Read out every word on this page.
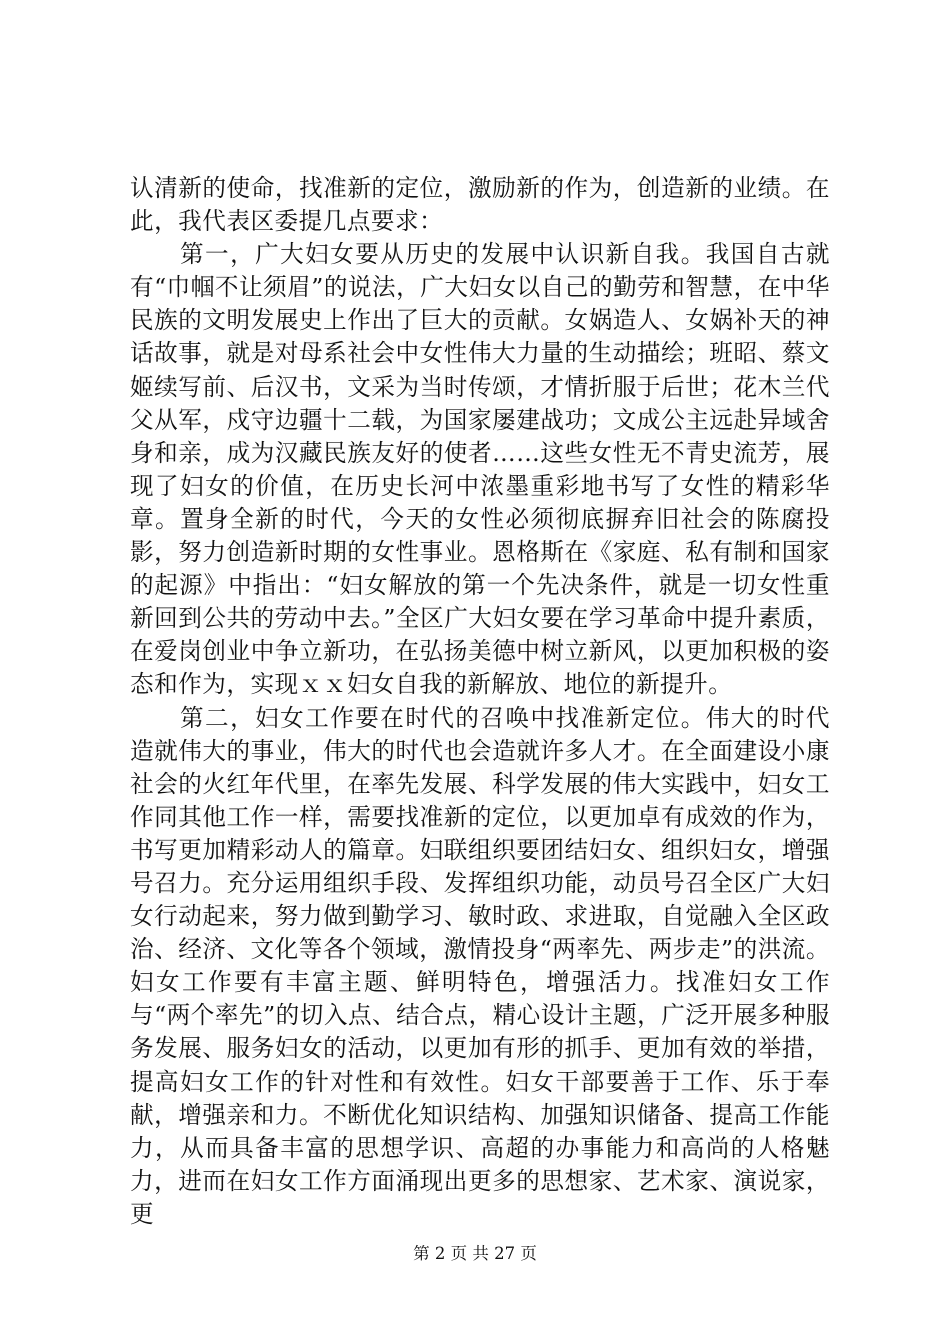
认清新的使命，找准新的定位，激励新的作为，创造新的业绩。在此，我代表区委提几点要求：

第一，广大妇女要从历史的发展中认识新自我。我国自古就有“巾帼不让须眉”的说法，广大妇女以自己的勤劳和智慧，在中华民族的文明发展史上作出了巨大的贡献。女娲造人、女娲补天的神话故事，就是对母系社会中女性伟大力量的生动描绘；班昭、蔡文姬续写前、后汉书，文采为当时传颂，才情折服于后世；花木兰代父从军，戍守边疆十二载，为国家屡建战功；文成公主远赴异域舍身和亲，成为汉藏民族友好的使者……这些女性无不青史流芳，展现了妇女的价值，在历史长河中浓墨重彩地书写了女性的精彩华章。置身全新的时代，今天的女性必须彻底摒弃旧社会的陈腐投影，努力创造新时期的女性事业。恩格斯在《家庭、私有制和国家的起源》中指出：“妇女解放的第一个先决条件，就是一切女性重新回到公共的劳动中去。”全区广大妇女要在学习革命中提升素质，在爱岗创业中争立新功，在弘扬美德中树立新风，以更加积极的姿态和作为，实现ｘｘ妇女自我的新解放、地位的新提升。

第二，妇女工作要在时代的召唤中找准新定位。伟大的时代造就伟大的事业，伟大的时代也会造就许多人才。在全面建设小康社会的火红年代里，在率先发展、科学发展的伟大实践中，妇女工作同其他工作一样，需要找准新的定位，以更加卓有成效的作为，书写更加精彩动人的篇章。妇联组织要团结妇女、组织妇女，增强号召力。充分运用组织手段、发挥组织功能，动员号召全区广大妇女行动起来，努力做到勤学习、敏时政、求进取，自觉融入全区政治、经济、文化等各个领域，激情投身“两率先、两步走”的洪流。妇女工作要有丰富主题、鲜明特色，增强活力。找准妇女工作与“两个率先”的切入点、结合点，精心设计主题，广泛开展多种服务发展、服务妇女的活动，以更加有形的抓手、更加有效的举措，提高妇女工作的针对性和有效性。妇女干部要善于工作、乐于奉献，增强亲和力。不断优化知识结构、加强知识储备、提高工作能力，从而具备丰富的思想学识、高超的办事能力和高尚的人格魅力，进而在妇女工作方面涌现出更多的思想家、艺术家、演说家，更

第 2 页 共 27 页
